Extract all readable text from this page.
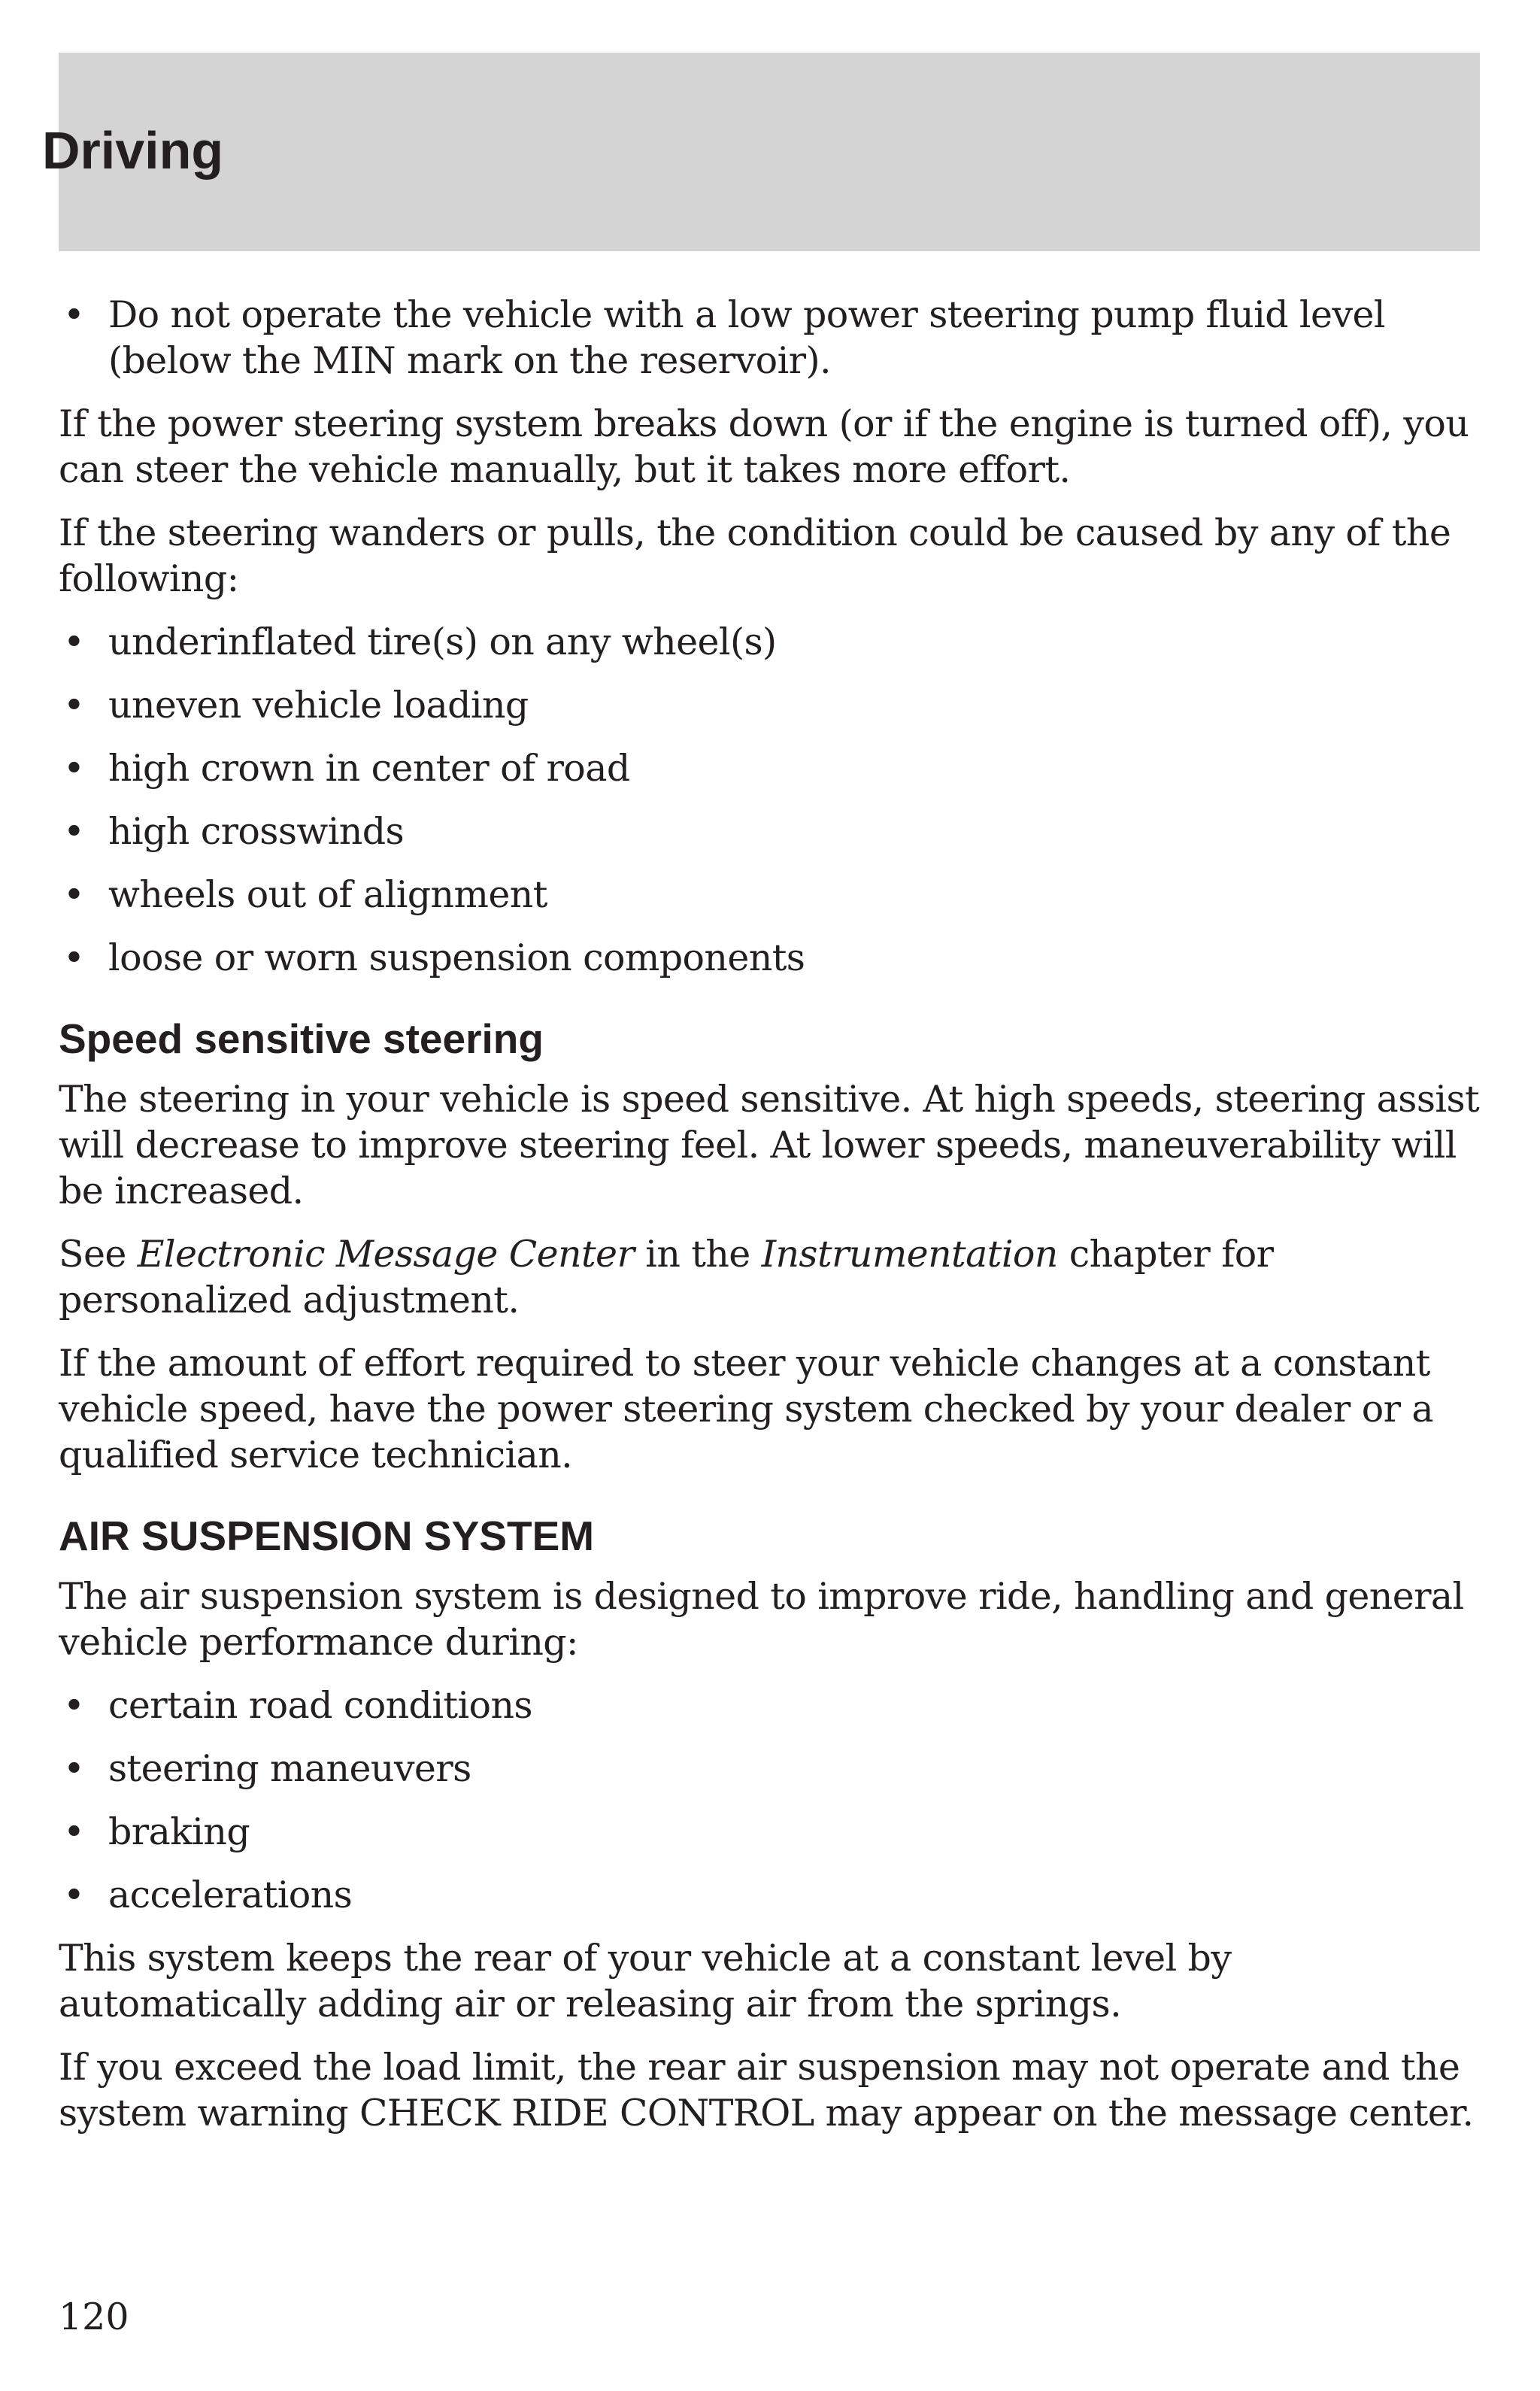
Driving
• Do not operate the vehicle with a low power steering pump fluid level (below the MIN mark on the reservoir).

If the power steering system breaks down (or if the engine is turned off), you can steer the vehicle manually, but it takes more effort.

If the steering wanders or pulls, the condition could be caused by any of the following:

• underinflated tire(s) on any wheel(s)
• uneven vehicle loading
• high crown in center of road
• high crosswinds
• wheels out of alignment
• loose or worn suspension components
Speed sensitive steering

The steering in your vehicle is speed sensitive. At high speeds, steering assist will decrease to improve steering feel. At lower speeds, maneuverability will be increased.

See Electronic Message Center in the Instrumentation chapter for personalized adjustment.

If the amount of effort required to steer your vehicle changes at a constant vehicle speed, have the power steering system checked by your dealer or a qualified service technician.

AIR SUSPENSION SYSTEM

The air suspension system is designed to improve ride, handling and general vehicle performance during:

• certain road conditions
• steering maneuvers
• braking
• accelerations

This system keeps the rear of your vehicle at a constant level by automatically adding air or releasing air from the springs.

If you exceed the load limit, the rear air suspension may not operate and the system warning CHECK RIDE CONTROL may appear on the message center.

120
